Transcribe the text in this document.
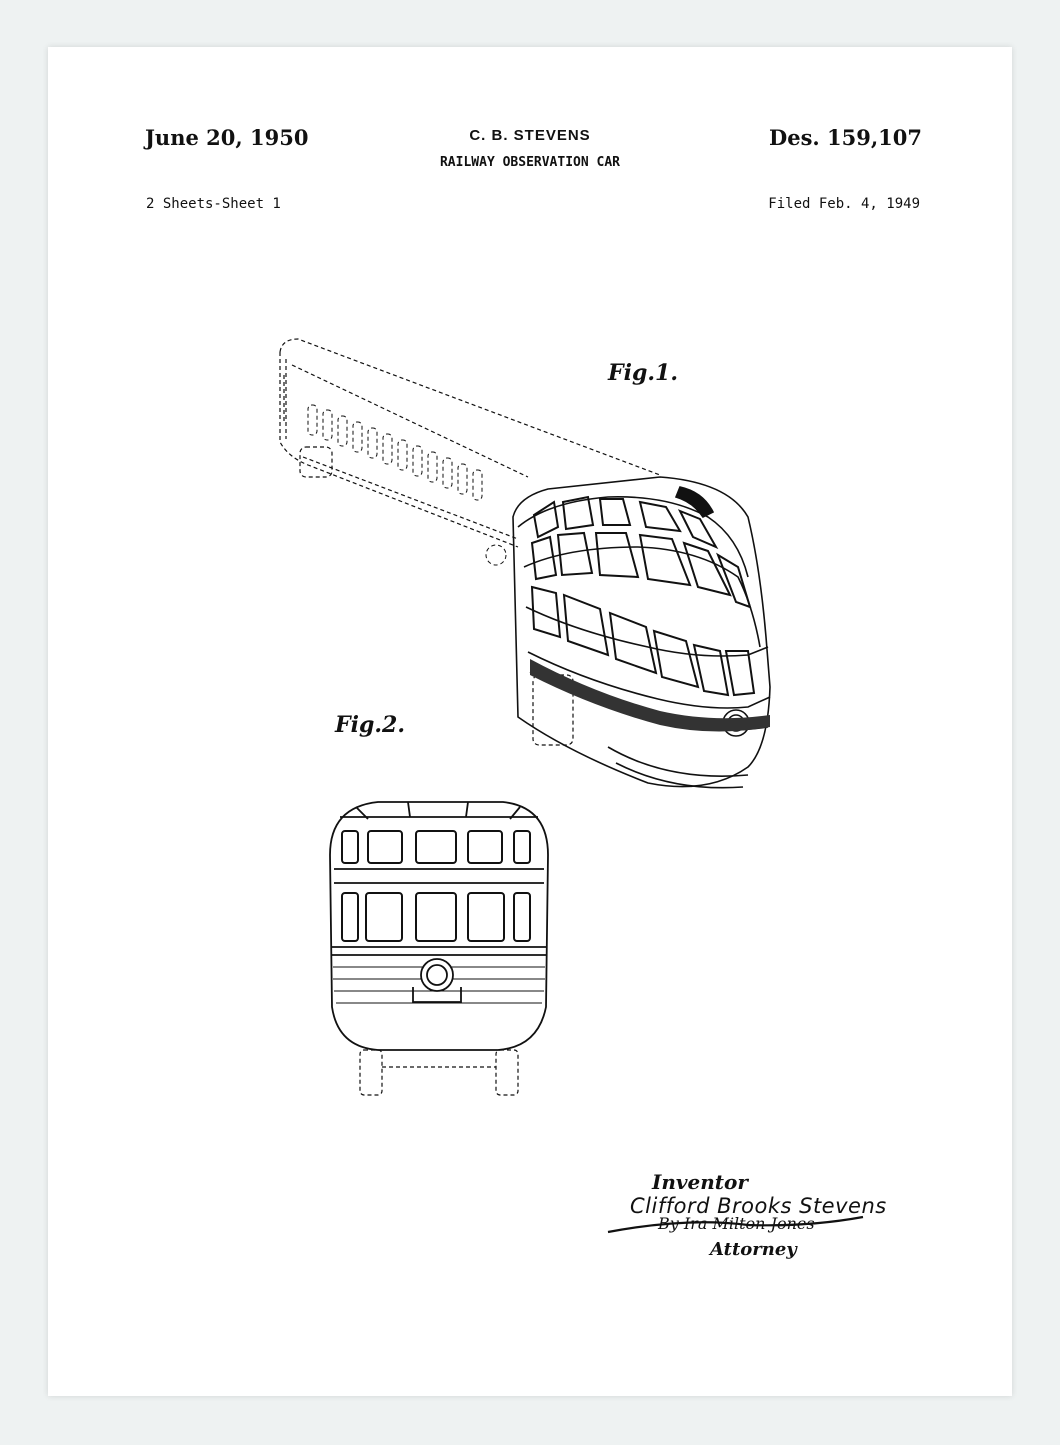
June 20, 1950	C. B. STEVENS
RAILWAY OBSERVATION CAR
Des. 159,107
2 Sheets-Sheet 1	Filed Feb. 4, 1949
Fig.1.
Fig.2.
Inventor
By Ira Milton Jones
Attorney
Clifford Brooks Stevens
